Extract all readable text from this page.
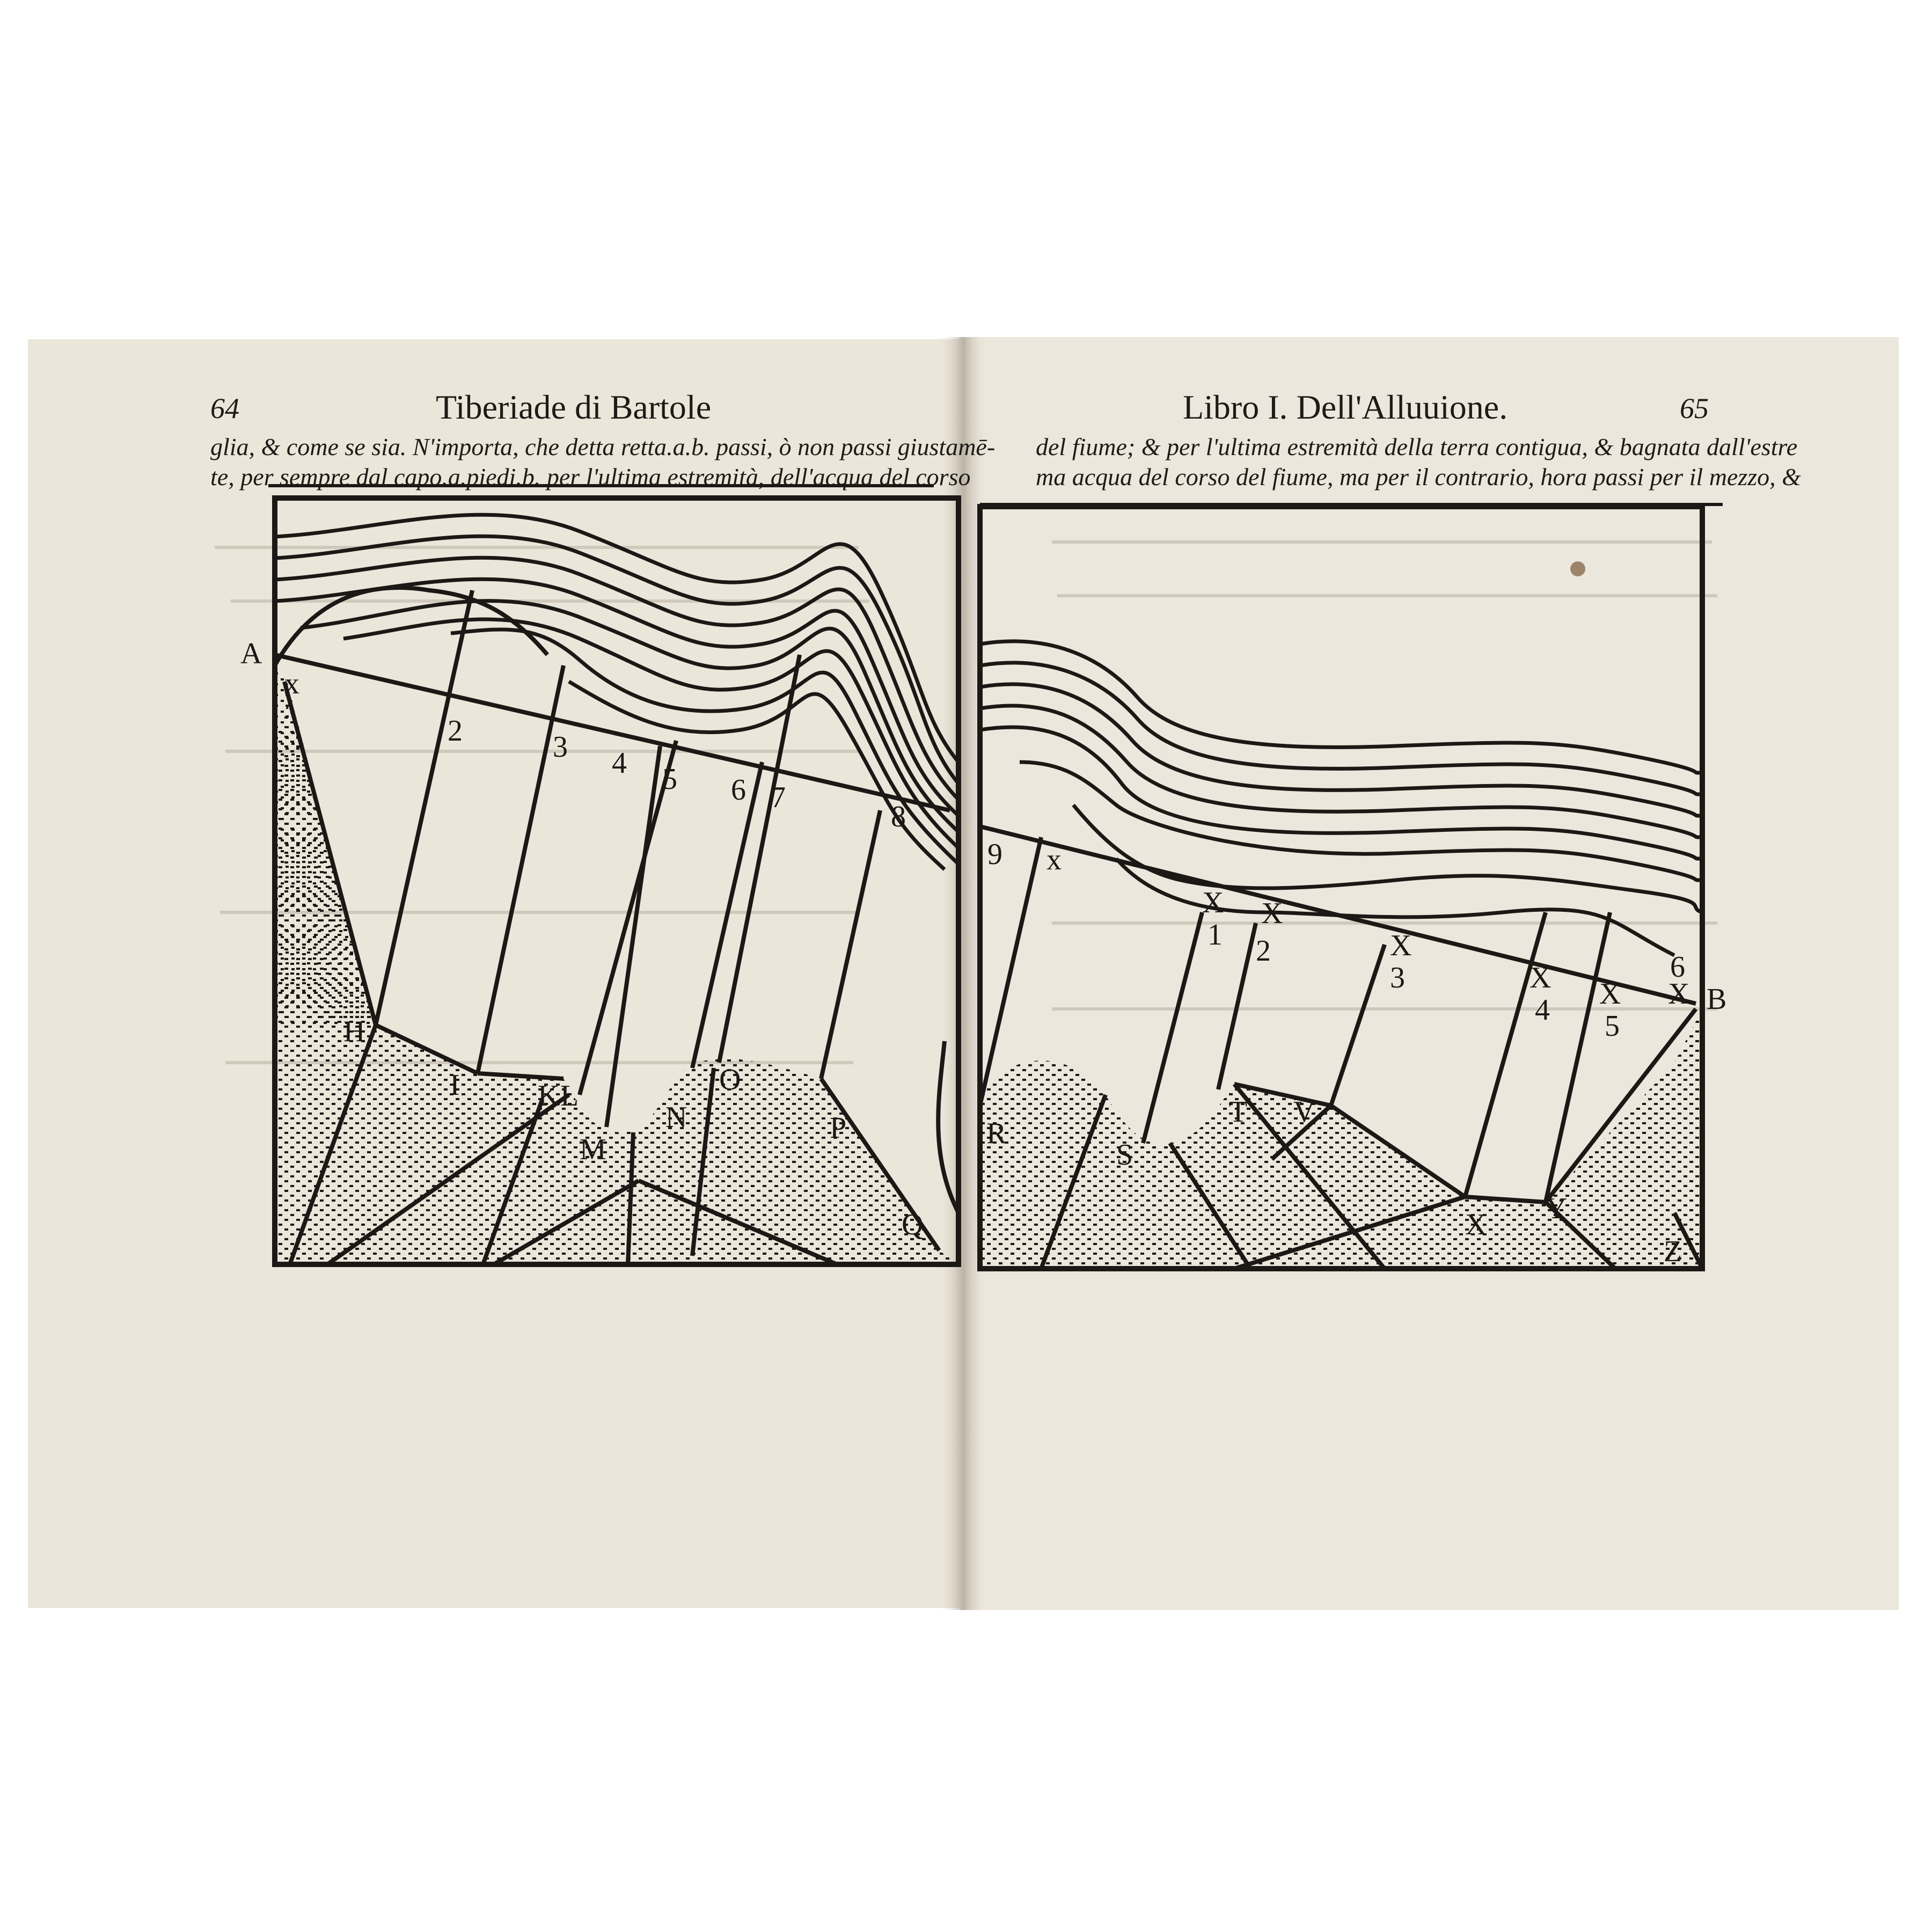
A
x
2	3 4 5 6 7
8
H
I	K L
M
N
O
P
Q
9 x
X
1
X
2	X
3	X
4 X
5
6
X B
R
S
T V
X Y
Z
64	Tiberiade di Bartole
glia, & come se sia. N'importa, che detta retta.a.b. passi, ò non passi giustamē-
te, per sempre dal capo.a.piedi.b. per l'ultima estremità, dell'acqua del corso
Libro I. Dell'Alluuione.	65
del fiume; & per l'ultima estremità della terra contigua, & bagnata dall'estre
ma acqua del corso del fiume, ma per il contrario, hora passi per il mezzo, &
